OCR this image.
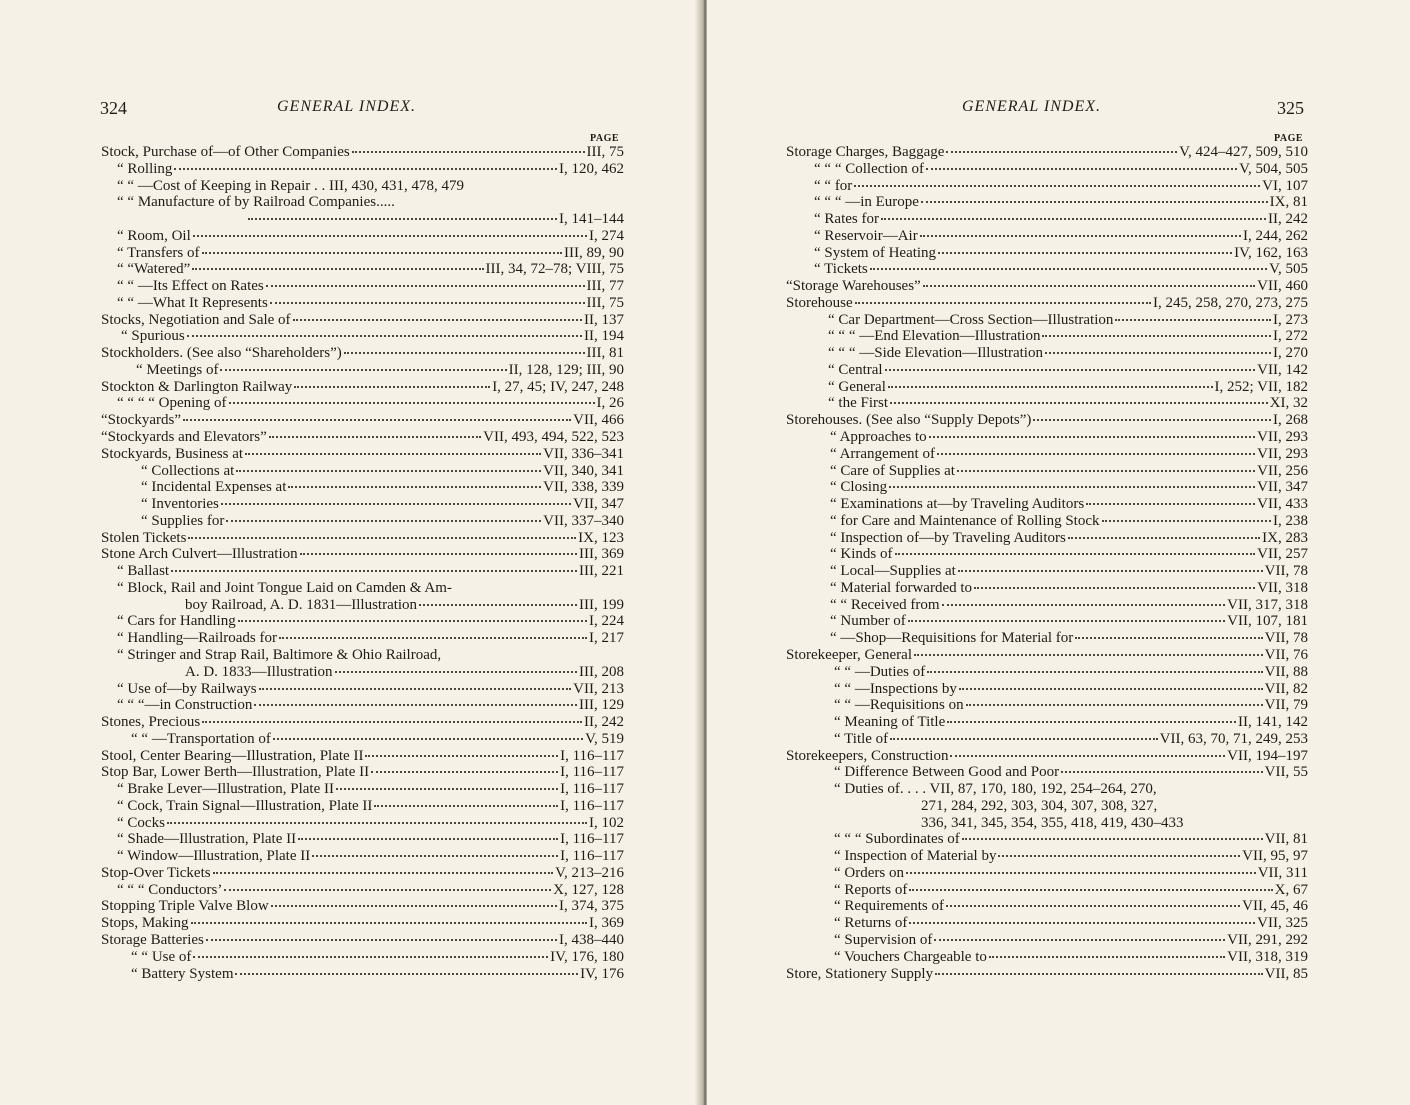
324	GENERAL INDEX.
PAGE
Stock, Purchase of—of Other Companies	III, 75
“ Rolling	I, 120, 462
“ “ —Cost of Keeping in Repair . . III, 430, 431, 478, 479
“ “ Manufacture of by Railroad Companies.....
I, 141–144
“ Room, Oil	I, 274
“ Transfers of	III, 89, 90
“ “Watered”	III, 34, 72–78; VIII, 75
“ “ —Its Effect on Rates	III, 77
“ “ —What It Represents	III, 75
Stocks, Negotiation and Sale of	II, 137
“ Spurious	II, 194
Stockholders. (See also “Shareholders”)	III, 81
“ Meetings of	II, 128, 129; III, 90
Stockton & Darlington Railway	I, 27, 45; IV, 247, 248
“ “ “ “ Opening of	I, 26
“Stockyards”	VII, 466
“Stockyards and Elevators”	VII, 493, 494, 522, 523
Stockyards, Business at	VII, 336–341
“ Collections at	VII, 340, 341
“ Incidental Expenses at	VII, 338, 339
“ Inventories	VII, 347
“ Supplies for	VII, 337–340
Stolen Tickets	IX, 123
Stone Arch Culvert—Illustration	III, 369
“ Ballast	III, 221
“ Block, Rail and Joint Tongue Laid on Camden & Am-
boy Railroad, A. D. 1831—Illustration	III, 199
“ Cars for Handling	I, 224
“ Handling—Railroads for	I, 217
“ Stringer and Strap Rail, Baltimore & Ohio Railroad,
A. D. 1833—Illustration	III, 208
“ Use of—by Railways	VII, 213
“ “ “—in Construction	III, 129
Stones, Precious	II, 242
“ “ —Transportation of	V, 519
Stool, Center Bearing—Illustration, Plate II	I, 116–117
Stop Bar, Lower Berth—Illustration, Plate II	I, 116–117
“ Brake Lever—Illustration, Plate II	I, 116–117
“ Cock, Train Signal—Illustration, Plate II	I, 116–117
“ Cocks	I, 102
“ Shade—Illustration, Plate II	I, 116–117
“ Window—Illustration, Plate II	I, 116–117
Stop-Over Tickets	V, 213–216
“ “ “ Conductors’	X, 127, 128
Stopping Triple Valve Blow	I, 374, 375
Stops, Making	I, 369
Storage Batteries	I, 438–440
“ “ Use of	IV, 176, 180
“ Battery System	IV, 176
GENERAL INDEX.	325
PAGE
Storage Charges, Baggage	V, 424–427, 509, 510
“ “ “ Collection of	V, 504, 505
“ “ for	VI, 107
“ “ “ —in Europe	IX, 81
“ Rates for	II, 242
“ Reservoir—Air	I, 244, 262
“ System of Heating	IV, 162, 163
“ Tickets	V, 505
“Storage Warehouses”	VII, 460
Storehouse	I, 245, 258, 270, 273, 275
“ Car Department—Cross Section—Illustration	I, 273
“ “ “ —End Elevation—Illustration	I, 272
“ “ “ —Side Elevation—Illustration	I, 270
“ Central	VII, 142
“ General	I, 252; VII, 182
“ the First	XI, 32
Storehouses. (See also “Supply Depots”)	I, 268
“ Approaches to	VII, 293
“ Arrangement of	VII, 293
“ Care of Supplies at	VII, 256
“ Closing	VII, 347
“ Examinations at—by Traveling Auditors	VII, 433
“ for Care and Maintenance of Rolling Stock	I, 238
“ Inspection of—by Traveling Auditors	IX, 283
“ Kinds of	VII, 257
“ Local—Supplies at	VII, 78
“ Material forwarded to	VII, 318
“ “ Received from	VII, 317, 318
“ Number of	VII, 107, 181
“ —Shop—Requisitions for Material for	VII, 78
Storekeeper, General	VII, 76
“ “ —Duties of	VII, 88
“ “ —Inspections by	VII, 82
“ “ —Requisitions on	VII, 79
“ Meaning of Title	II, 141, 142
“ Title of	VII, 63, 70, 71, 249, 253
Storekeepers, Construction	VII, 194–197
“ Difference Between Good and Poor	VII, 55
“ Duties of. . . . VII, 87, 170, 180, 192, 254–264, 270,
271, 284, 292, 303, 304, 307, 308, 327,
336, 341, 345, 354, 355, 418, 419, 430–433
“ “ “ Subordinates of	VII, 81
“ Inspection of Material by	VII, 95, 97
“ Orders on	VII, 311
“ Reports of	X, 67
“ Requirements of	VII, 45, 46
“ Returns of	VII, 325
“ Supervision of	VII, 291, 292
“ Vouchers Chargeable to	VII, 318, 319
Store, Stationery Supply	VII, 85
